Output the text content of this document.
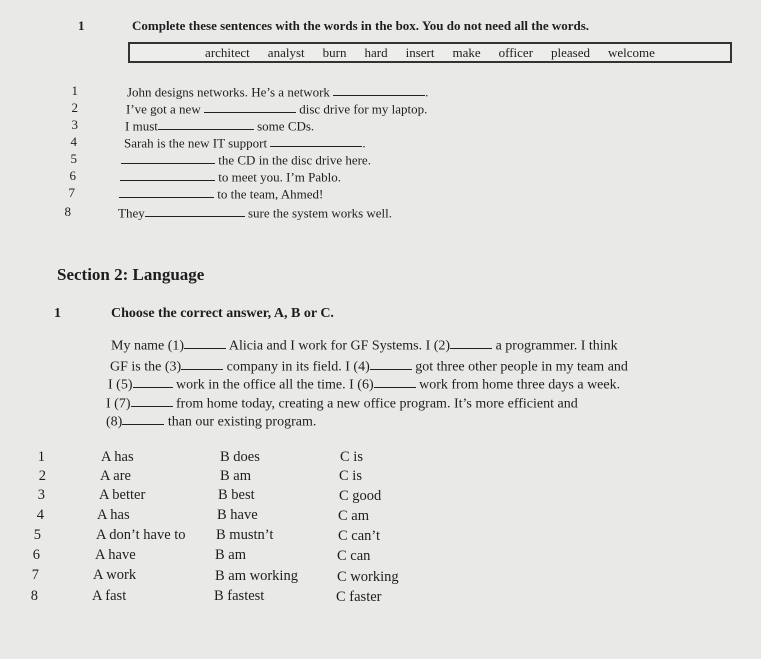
1	Complete these sentences with the words in the box. You do not need all the words.
architect analyst burn hard insert make officer pleased welcome
1	John designs networks. He’s a network	.
2	I’ve got a new	disc drive for my laptop.
3	I must	some CDs.
4	Sarah is the new IT support	.
5	the CD in the disc drive here.
6	to meet you. I’m Pablo.
7	to the team, Ahmed!
8	They	sure the system works well.
Section 2: Language
1	Choose the correct answer, A, B or C.
My name (1)	Alicia and I work for GF Systems. I (2)	a programmer. I think
GF is the (3)	company in its field. I (4)	got three other people in my team and
I (5)	work in the office all the time. I (6)	work from home three days a week.
I (7)	from home today, creating a new office program. It’s more efficient and
(8)	than our existing program.
1	A has	B does	C is
2	A are	B am	C is
3	A better	B best	C good
4	A has	B have	C am
5	A don’t have to B mustn’t	C can’t
6	A have	B am	C can
7	A work	B am working	C working
8	A fast	B fastest	C faster
